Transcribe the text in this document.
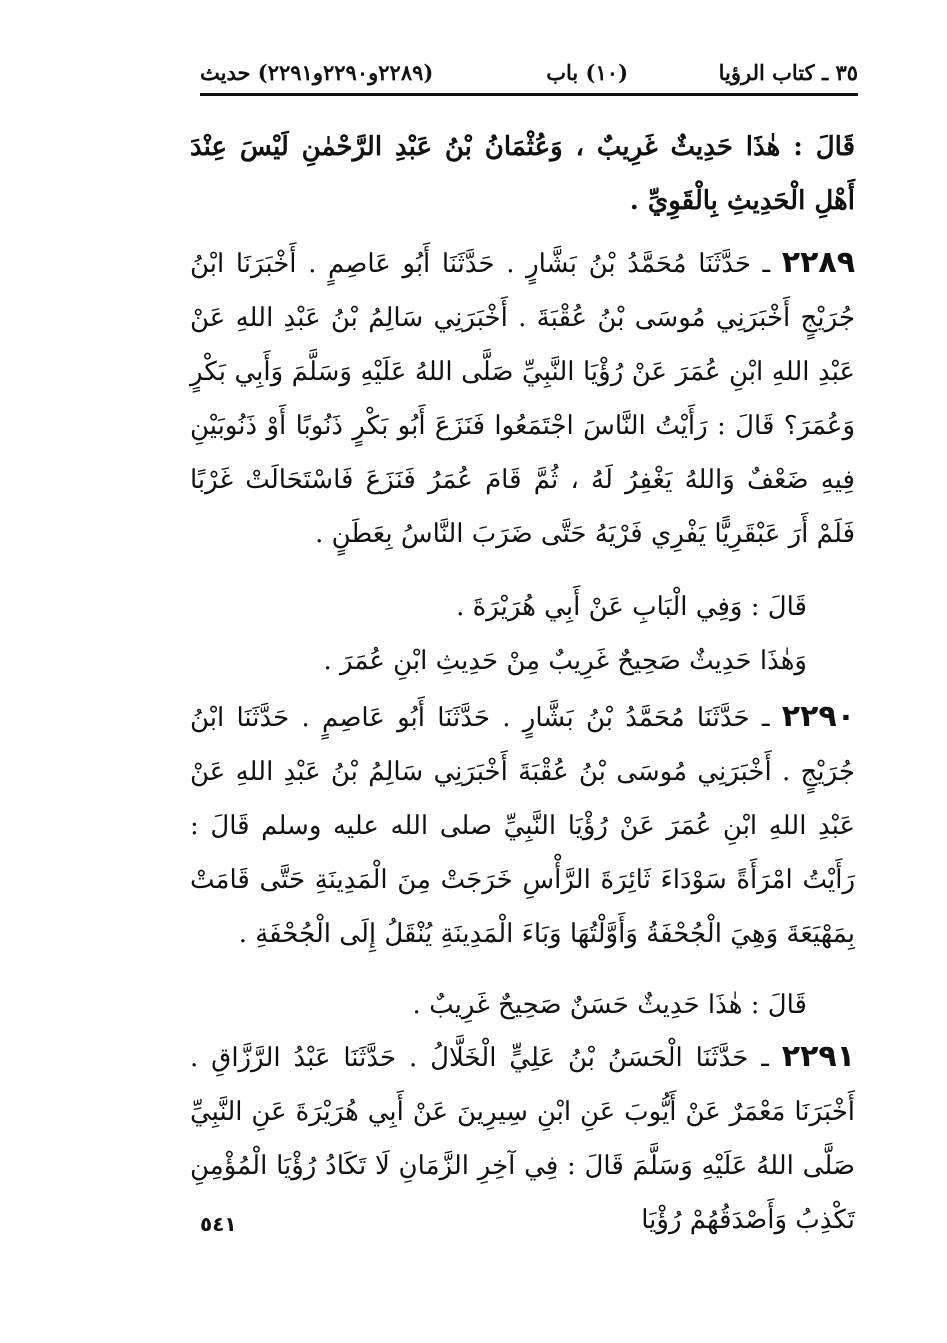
٣٥ ـ كتاب الرؤيا
(١٠) باب
(٢٢٨٩و٢٢٩٠و٢٢٩١) حديث

قَالَ : هٰذَا حَدِيثٌ غَرِيبٌ ، وَعُثْمَانُ بْنُ عَبْدِ الرَّحْمٰنِ لَيْسَ عِنْدَ أَهْلِ الْحَدِيثِ بِالْقَوِيِّ .

٢٢٨٩ ـ حَدَّثَنَا مُحَمَّدُ بْنُ بَشَّارٍ . حَدَّثَنَا أَبُو عَاصِمٍ . أَخْبَرَنَا ابْنُ جُرَيْجٍ أَخْبَرَنِي مُوسَى بْنُ عُقْبَةَ . أَخْبَرَنِي سَالِمُ بْنُ عَبْدِ اللهِ عَنْ عَبْدِ اللهِ ابْنِ عُمَرَ عَنْ رُؤْيَا النَّبِيِّ صَلَّى اللهُ عَلَيْهِ وَسَلَّمَ وَأَبِي بَكْرٍ وَعُمَرَ؟ قَالَ : رَأَيْتُ النَّاسَ اجْتَمَعُوا فَنَزَعَ أَبُو بَكْرٍ ذَنُوبًا أَوْ ذَنُوبَيْنِ فِيهِ ضَعْفٌ وَاللهُ يَغْفِرُ لَهُ ، ثُمَّ قَامَ عُمَرُ فَنَزَعَ فَاسْتَحَالَتْ غَرْبًا فَلَمْ أَرَ عَبْقَرِيًّا يَفْرِي فَرْيَهُ حَتَّى ضَرَبَ النَّاسُ بِعَطَنٍ .

قَالَ : وَفِي الْبَابِ عَنْ أَبِي هُرَيْرَةَ .

وَهٰذَا حَدِيثٌ صَحِيحٌ غَرِيبٌ مِنْ حَدِيثِ ابْنِ عُمَرَ .

٢٢٩٠ ـ حَدَّثَنَا مُحَمَّدُ بْنُ بَشَّارٍ . حَدَّثَنَا أَبُو عَاصِمٍ . حَدَّثَنَا ابْنُ جُرَيْجٍ . أَخْبَرَنِي مُوسَى بْنُ عُقْبَةَ أَخْبَرَنِي سَالِمُ بْنُ عَبْدِ اللهِ عَنْ عَبْدِ اللهِ ابْنِ عُمَرَ عَنْ رُؤْيَا النَّبِيِّ صلى الله عليه وسلم قَالَ : رَأَيْتُ امْرَأَةً سَوْدَاءَ ثَائِرَةَ الرَّأْسِ خَرَجَتْ مِنَ الْمَدِينَةِ حَتَّى قَامَتْ بِمَهْيَعَةَ وَهِيَ الْجُحْفَةُ وَأَوَّلْتُهَا وَبَاءَ الْمَدِينَةِ يُنْقَلُ إِلَى الْجُحْفَةِ .

قَالَ : هٰذَا حَدِيثٌ حَسَنٌ صَحِيحٌ غَرِيبٌ .

٢٢٩١ ـ حَدَّثَنَا الْحَسَنُ بْنُ عَلِيٍّ الْخَلَّالُ . حَدَّثَنَا عَبْدُ الرَّزَّاقِ . أَخْبَرَنَا مَعْمَرٌ عَنْ أَيُّوبَ عَنِ ابْنِ سِيرِينَ عَنْ أَبِي هُرَيْرَةَ عَنِ النَّبِيِّ صَلَّى اللهُ عَلَيْهِ وَسَلَّمَ قَالَ : فِي آخِرِ الزَّمَانِ لَا تَكَادُ رُؤْيَا الْمُؤْمِنِ تَكْذِبُ وَأَصْدَقُهُمْ رُؤْيَا

٥٤١
